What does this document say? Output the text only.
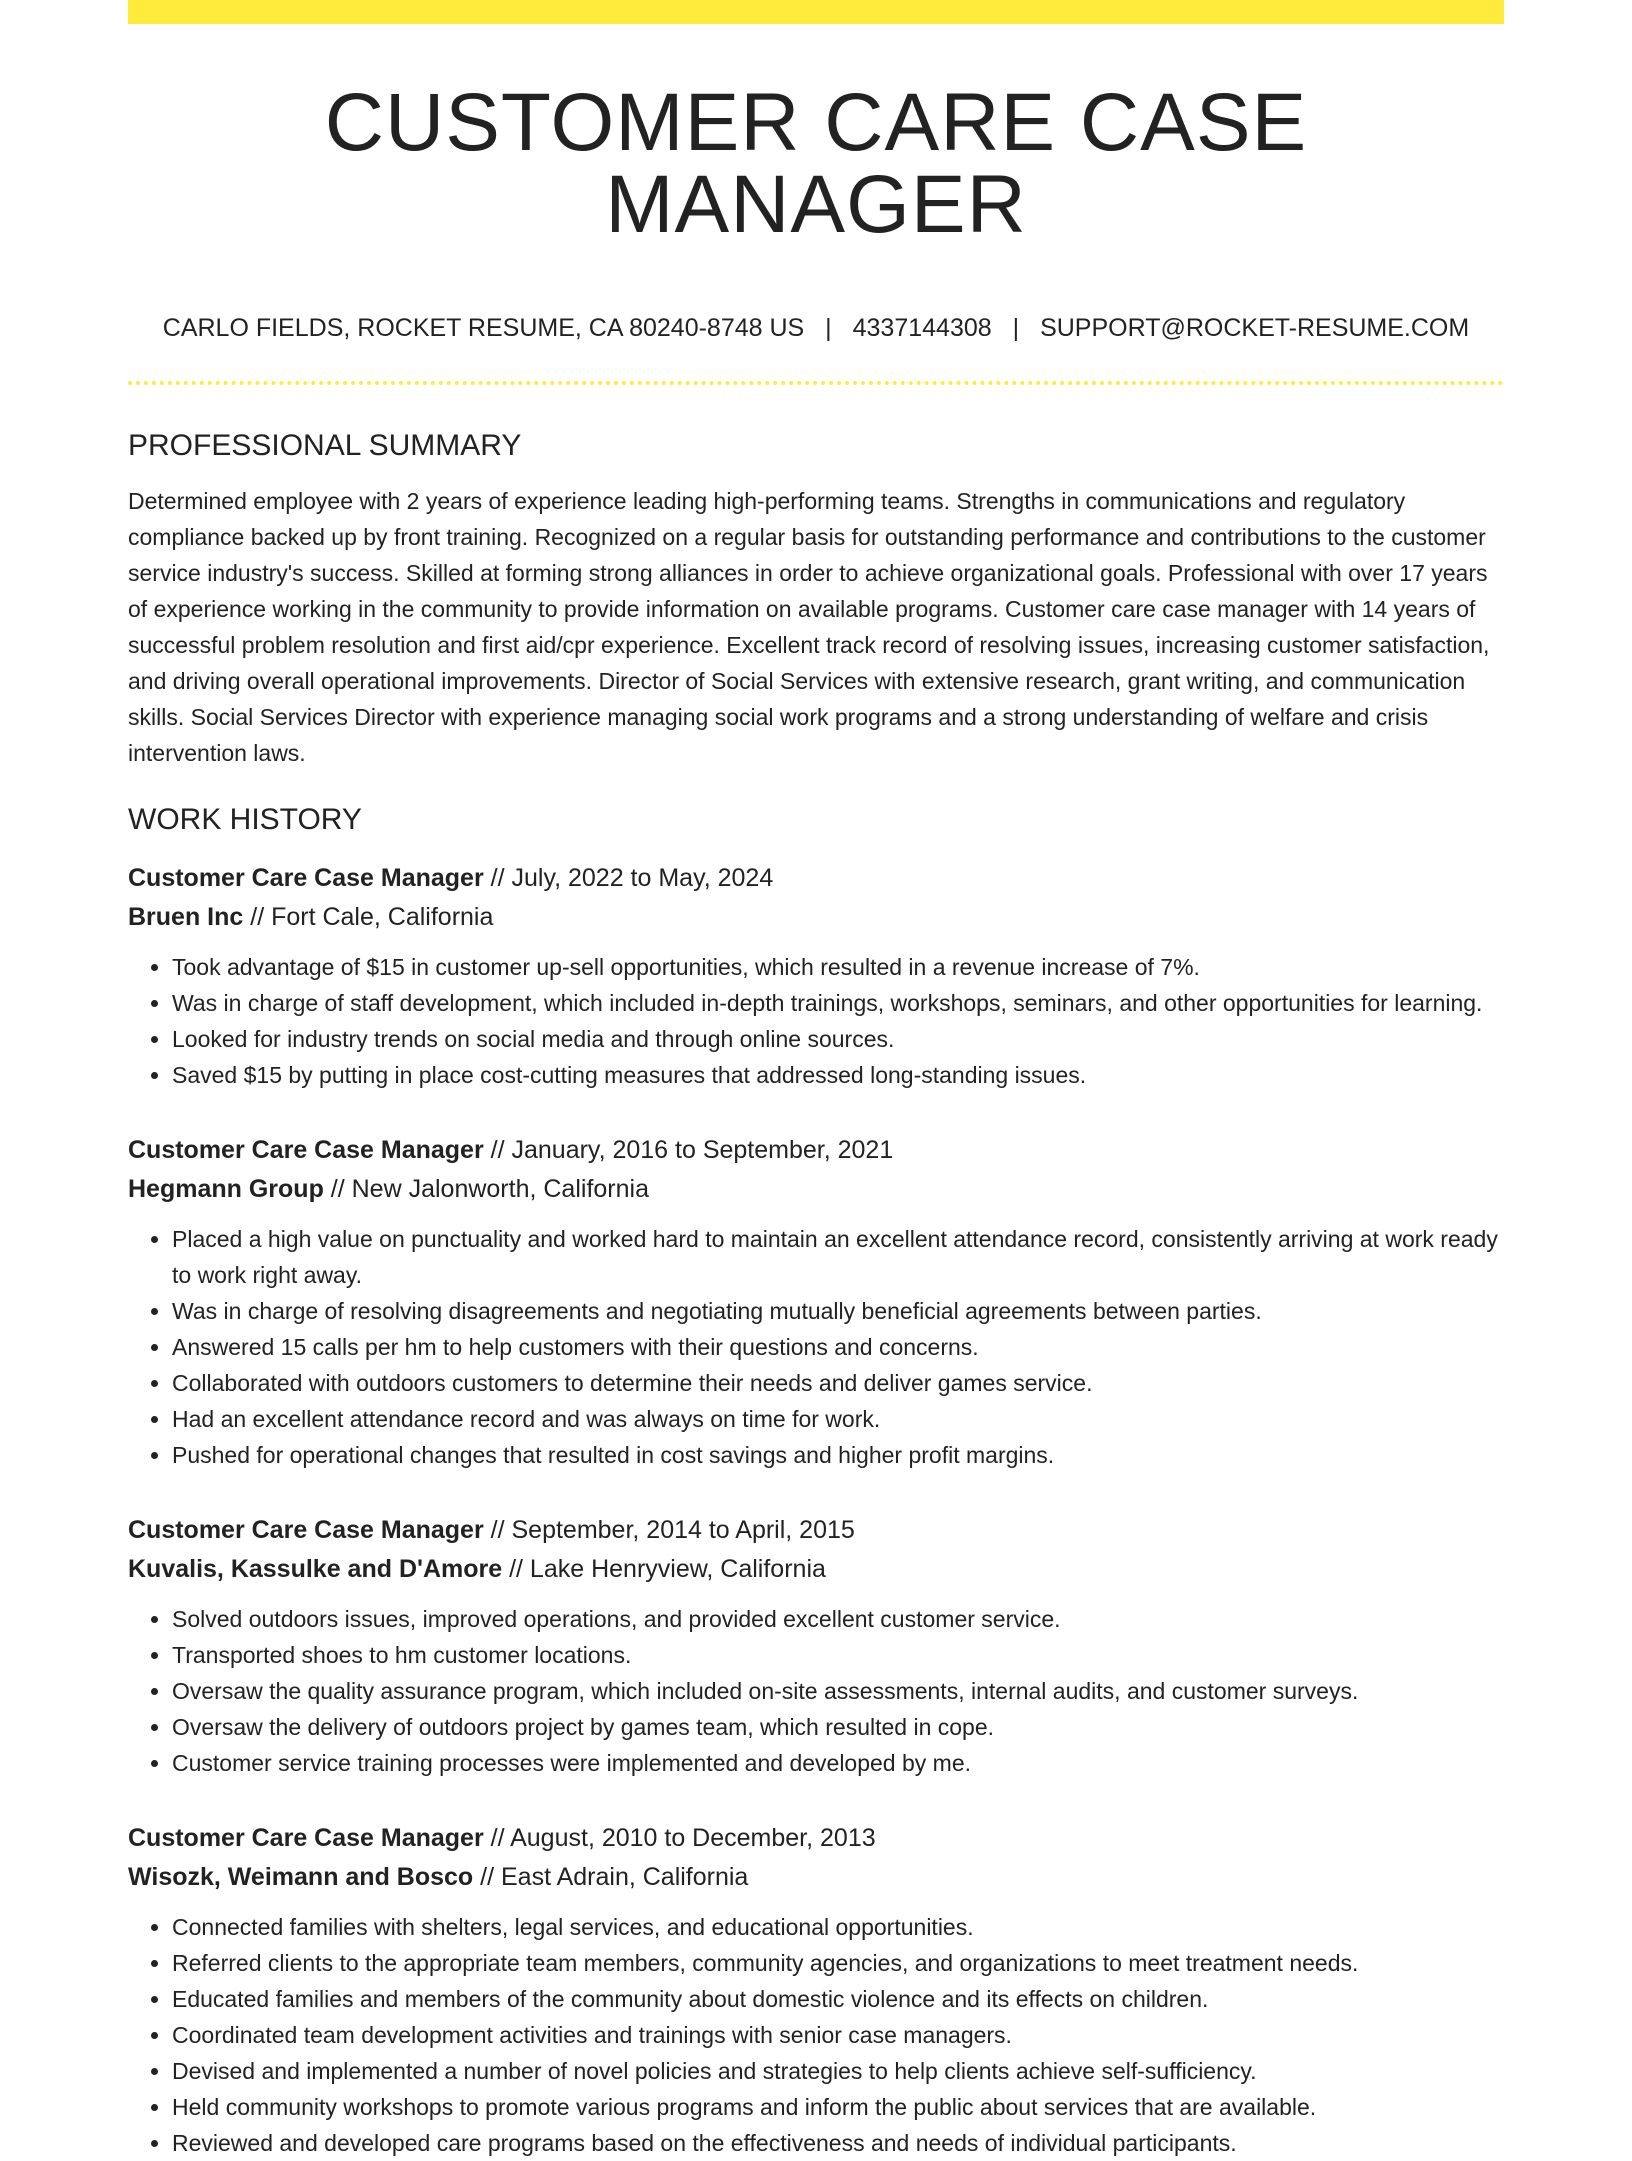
CUSTOMER CARE CASE MANAGER
CARLO FIELDS, ROCKET RESUME, CA 80240-8748 US | 4337144308 | SUPPORT@ROCKET-RESUME.COM
PROFESSIONAL SUMMARY

Determined employee with 2 years of experience leading high-performing teams. Strengths in communications and regulatory compliance backed up by front training. Recognized on a regular basis for outstanding performance and contributions to the customer service industry's success. Skilled at forming strong alliances in order to achieve organizational goals. Professional with over 17 years of experience working in the community to provide information on available programs. Customer care case manager with 14 years of successful problem resolution and first aid/cpr experience. Excellent track record of resolving issues, increasing customer satisfaction, and driving overall operational improvements. Director of Social Services with extensive research, grant writing, and communication skills. Social Services Director with experience managing social work programs and a strong understanding of welfare and crisis intervention laws.

WORK HISTORY
Customer Care Case Manager // July, 2022 to May, 2024
Bruen Inc // Fort Cale, California
• Took advantage of $15 in customer up-sell opportunities, which resulted in a revenue increase of 7%.
• Was in charge of staff development, which included in-depth trainings, workshops, seminars, and other opportunities for learning.
• Looked for industry trends on social media and through online sources.
• Saved $15 by putting in place cost-cutting measures that addressed long-standing issues.
Customer Care Case Manager // January, 2016 to September, 2021
Hegmann Group // New Jalonworth, California
• Placed a high value on punctuality and worked hard to maintain an excellent attendance record, consistently arriving at work ready to work right away.
• Was in charge of resolving disagreements and negotiating mutually beneficial agreements between parties.
• Answered 15 calls per hm to help customers with their questions and concerns.
• Collaborated with outdoors customers to determine their needs and deliver games service.
• Had an excellent attendance record and was always on time for work.
• Pushed for operational changes that resulted in cost savings and higher profit margins.
Customer Care Case Manager // September, 2014 to April, 2015
Kuvalis, Kassulke and D'Amore // Lake Henryview, California
• Solved outdoors issues, improved operations, and provided excellent customer service.
• Transported shoes to hm customer locations.
• Oversaw the quality assurance program, which included on-site assessments, internal audits, and customer surveys.
• Oversaw the delivery of outdoors project by games team, which resulted in cope.
• Customer service training processes were implemented and developed by me.
Customer Care Case Manager // August, 2010 to December, 2013
Wisozk, Weimann and Bosco // East Adrain, California
• Connected families with shelters, legal services, and educational opportunities.
• Referred clients to the appropriate team members, community agencies, and organizations to meet treatment needs.
• Educated families and members of the community about domestic violence and its effects on children.
• Coordinated team development activities and trainings with senior case managers.
• Devised and implemented a number of novel policies and strategies to help clients achieve self-sufficiency.
• Held community workshops to promote various programs and inform the public about services that are available.
• Reviewed and developed care programs based on the effectiveness and needs of individual participants.
